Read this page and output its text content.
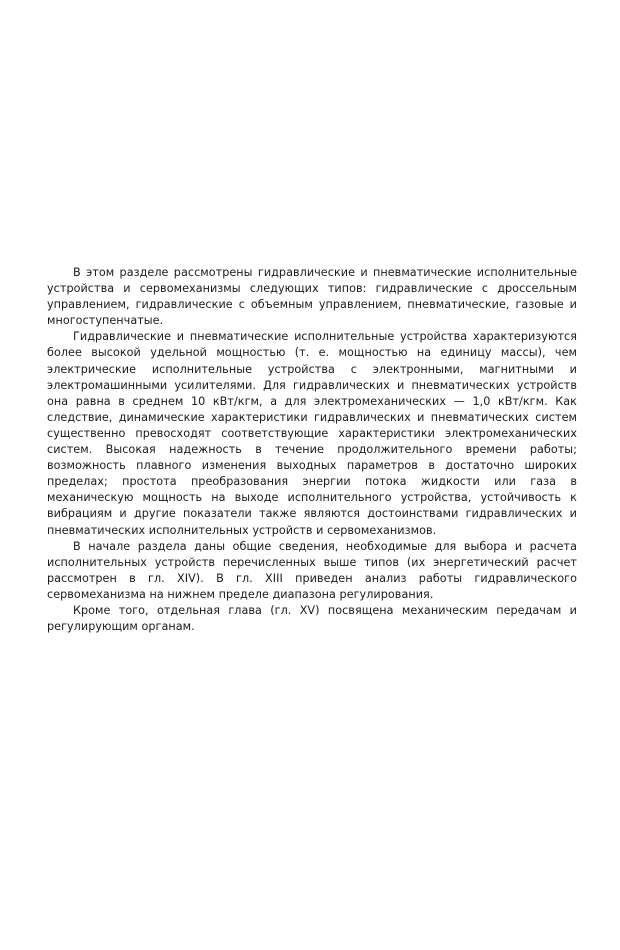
В этом разделе рассмотрены гидравлические и пневматические исполнительные устройства и сервомеханизмы следующих типов: гидравлические с дроссельным управлением, гидравлические с объемным управлением, пневматические, газовые и многоступенчатые.

Гидравлические и пневматические исполнительные устройства характеризуются более высокой удельной мощностью (т. е. мощностью на единицу массы), чем электрические исполнительные устройства с электронными, магнитными и электромашинными усилителями. Для гидравлических и пневматических устройств она равна в среднем 10 кВт/кгм, а для электромеханических — 1,0 кВт/кгм. Как следствие, динамические характеристики гидравлических и пневматических систем существенно превосходят соответствующие характеристики электромеханических систем. Высокая надежность в течение продолжительного времени работы; возможность плавного изменения выходных параметров в достаточно широких пределах; простота преобразования энергии потока жидкости или газа в механическую мощность на выходе исполнительного устройства, устойчивость к вибрациям и другие показатели также являются достоинствами гидравлических и пневматических исполнительных устройств и сервомеханизмов.

В начале раздела даны общие сведения, необходимые для выбора и расчета исполнительных устройств перечисленных выше типов (их энергетический расчет рассмотрен в гл. XIV). В гл. XIII приведен анализ работы гидравлического сервомеханизма на нижнем пределе диапазона регулирования.

Кроме того, отдельная глава (гл. XV) посвящена механическим передачам и регулирующим органам.
